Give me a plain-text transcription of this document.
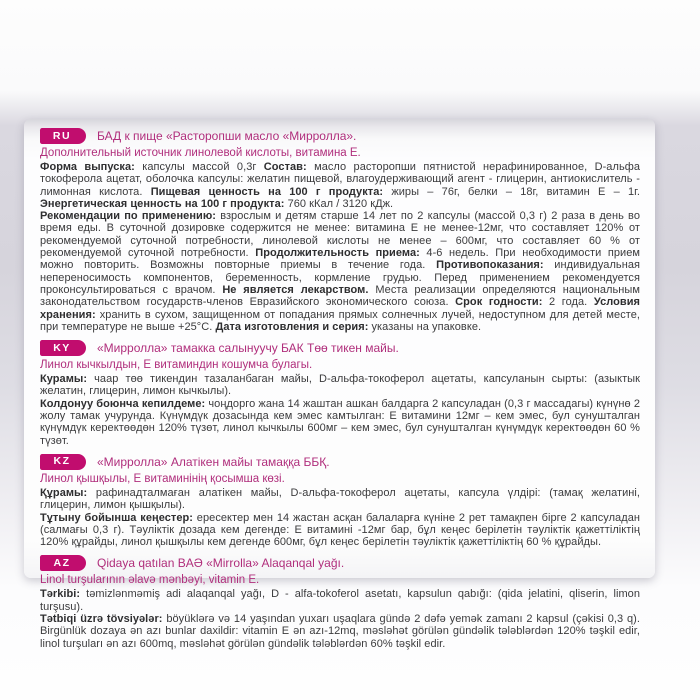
RU	БАД к пище «Расторопши масло «Мирролла».
Дополнительный источник линолевой кислоты, витамина Е.

Форма выпуска: капсулы массой 0,3г Состав: масло расторопши пятнистой нерафинированное, D-альфа токоферола ацетат, оболочка капсулы: желатин пищевой, влагоудерживающий агент - глицерин, антиокислитель - лимонная кислота. Пищевая ценность на 100 г продукта: жиры – 76г, белки – 18г, витамин Е – 1г. Энергетическая ценность на 100 г продукта: 760 кКал / 3120 кДж.

Рекомендации по применению: взрослым и детям старше 14 лет по 2 капсулы (массой 0,3 г) 2 раза в день во время еды. В суточной дозировке содержится не менее: витамина Е не менее-12мг, что составляет 120% от рекомендуемой суточной потребности, линолевой кислоты не менее – 600мг, что составляет 60 % от рекомендуемой суточной потребности. Продолжительность приема: 4-6 недель. При необходимости прием можно повторить. Возможны повторные приемы в течение года. Противопоказания: индивидуальная непереносимость компонентов, беременность, кормление грудью. Перед применением рекомендуется проконсультироваться с врачом. Не является лекарством. Места реализации определяются национальным законодательством государств-членов Евразийского экономического союза. Срок годности: 2 года. Условия хранения: хранить в сухом, защищенном от попадания прямых солнечных лучей, недоступном для детей месте, при температуре не выше +25°С. Дата изготовления и серия: указаны на упаковке.

KY	«Мирролла» тамакка салынуучу БАК Төө тикен майы.
Линол кычкылдын, Е витаминдин кошумча булагы.

Курамы: чаар төө тикендин тазаланбаган майы, D-альфа-токоферол ацетаты, капсуланын сырты: (азыктык желатин, глицерин, лимон кычкылы).

Колдонуу боюнча кепилдеме: чоңдорго жана 14 жаштан ашкан балдарга 2 капсуладан (0,3 г массадагы) күнүнө 2 жолу тамак учурунда. Күнүмдүк дозасында кем эмес камтылган: Е витамини 12мг – кем эмес, бул сунушталган күнүмдүк керектөөдөн 120% түзөт, линол кычкылы 600мг – кем эмес, бул сунушталган күнүмдүк керектөөдөн 60 % түзөт.

KZ	«Мирролла» Алатікен майы тамаққа ББҚ.
Линол қышқылы, Е витаминінің қосымша көзі.

Құрамы: рафинадталмаған алатікен майы, D-альфа-токоферол ацетаты, капсула үлдірі: (тамақ желатині, глицерин, лимон қышқылы).

Тұтыну бойынша кеңестер: ересектер мен 14 жастан асқан балаларға күніне 2 рет тамақпен бірге 2 капсуладан (салмағы 0,3 г). Тәуліктік дозада кем дегенде: Е витамині -12мг бар, бұл кеңес берілетін тәуліктік қажеттіліктің 120% құрайды, линол қышқылы кем дегенде 600мг, бұл кеңес берілетін тәуліктік қажеттіліктің 60 % құрайды.

AZ	Qidaya qatılan BAƏ «Mirrolla» Alaqanqal yağı.
Linol turşularının əlavə mənbəyi, vitamin E.

Tərkibi: təmizlənməmiş adi alaqanqal yağı, D - alfa-tokoferol asetatı, kapsulun qabığı: (qida jelatini, qliserin, limon turşusu).

Tətbiqi üzrə tövsiyələr: böyüklərə və 14 yaşından yuxarı uşaqlara gündə 2 dəfə yemək zamanı 2 kapsul (çəkisi 0,3 q). Birgünlük dozaya ən azı bunlar daxildir: vitamin E ən azı-12mq, məsləhət görülən gündəlik tələblərdən 120% təşkil edir, linol turşuları ən azı 600mq, məsləhət görülən gündəlik tələblərdən 60% təşkil edir.
